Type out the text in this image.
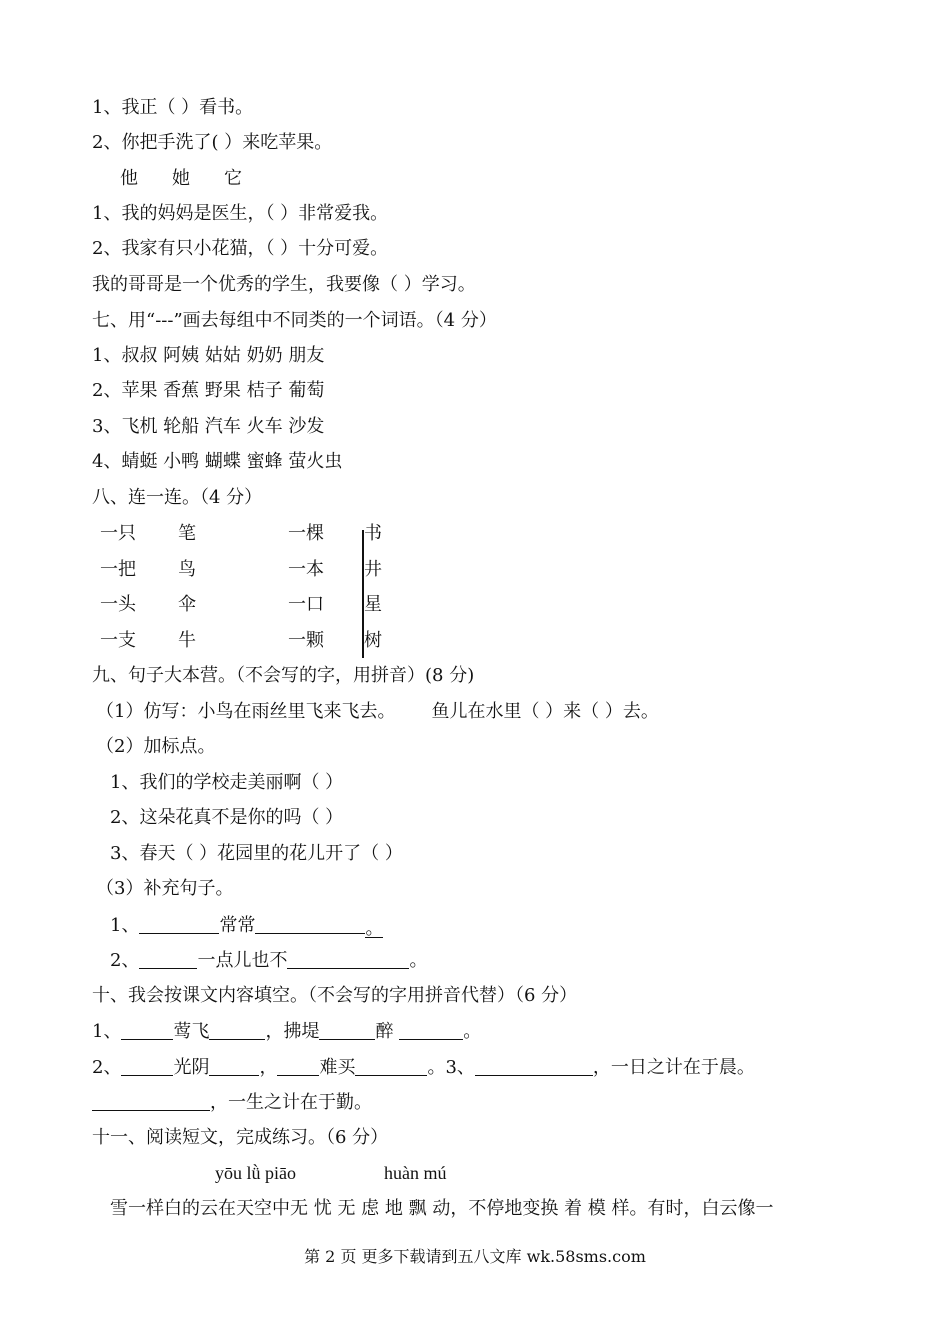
1、我正（ ）看书。
2、你把手洗了( ）来吃苹果。
他 她 它
1、我的妈妈是医生，（ ）非常爱我。
2、我家有只小花猫，（ ）十分可爱。
我的哥哥是一个优秀的学生，我要像（ ）学习。
七、用“---”画去每组中不同类的一个词语。（4 分）
1、叔叔 阿姨 姑姑 奶奶 朋友
2、苹果 香蕉 野果 桔子 葡萄
3、飞机 轮船 汽车 火车 沙发
4、蜻蜓 小鸭 蝴蝶 蜜蜂 萤火虫
八、连一连。（4 分）
一只 笔	一棵 书
一把 鸟	一本 井
一头 伞	一口 星
一支 牛	一颗 树
九、句子大本营。（不会写的字，用拼音）(8 分)
（1）仿写：小鸟在雨丝里飞来飞去。 鱼儿在水里（ ）来（ ）去。
（2）加标点。
1、我们的学校走美丽啊（ ）
2、这朵花真不是你的吗（ ）
3、春天（ ）花园里的花儿开了（ ）
（3）补充句子。
1、	常常	。
2、	一点儿也不	。
十、我会按课文内容填空。（不会写的字用拼音代替）（6 分）
1、	莺飞	，拂堤	醉	。
2、	光阴	， 难买	。3、	，一日之计在于晨。
，一生之计在于勤。
十一、阅读短文，完成练习。（6 分）
yōu lǜ piāo	huàn mú
雪一样白的云在天空中无 忧 无 虑 地 飘 动，不停地变换 着 模 样。有时，白云像一
第 2 页 更多下载请到五八文库 wk.58sms.com
